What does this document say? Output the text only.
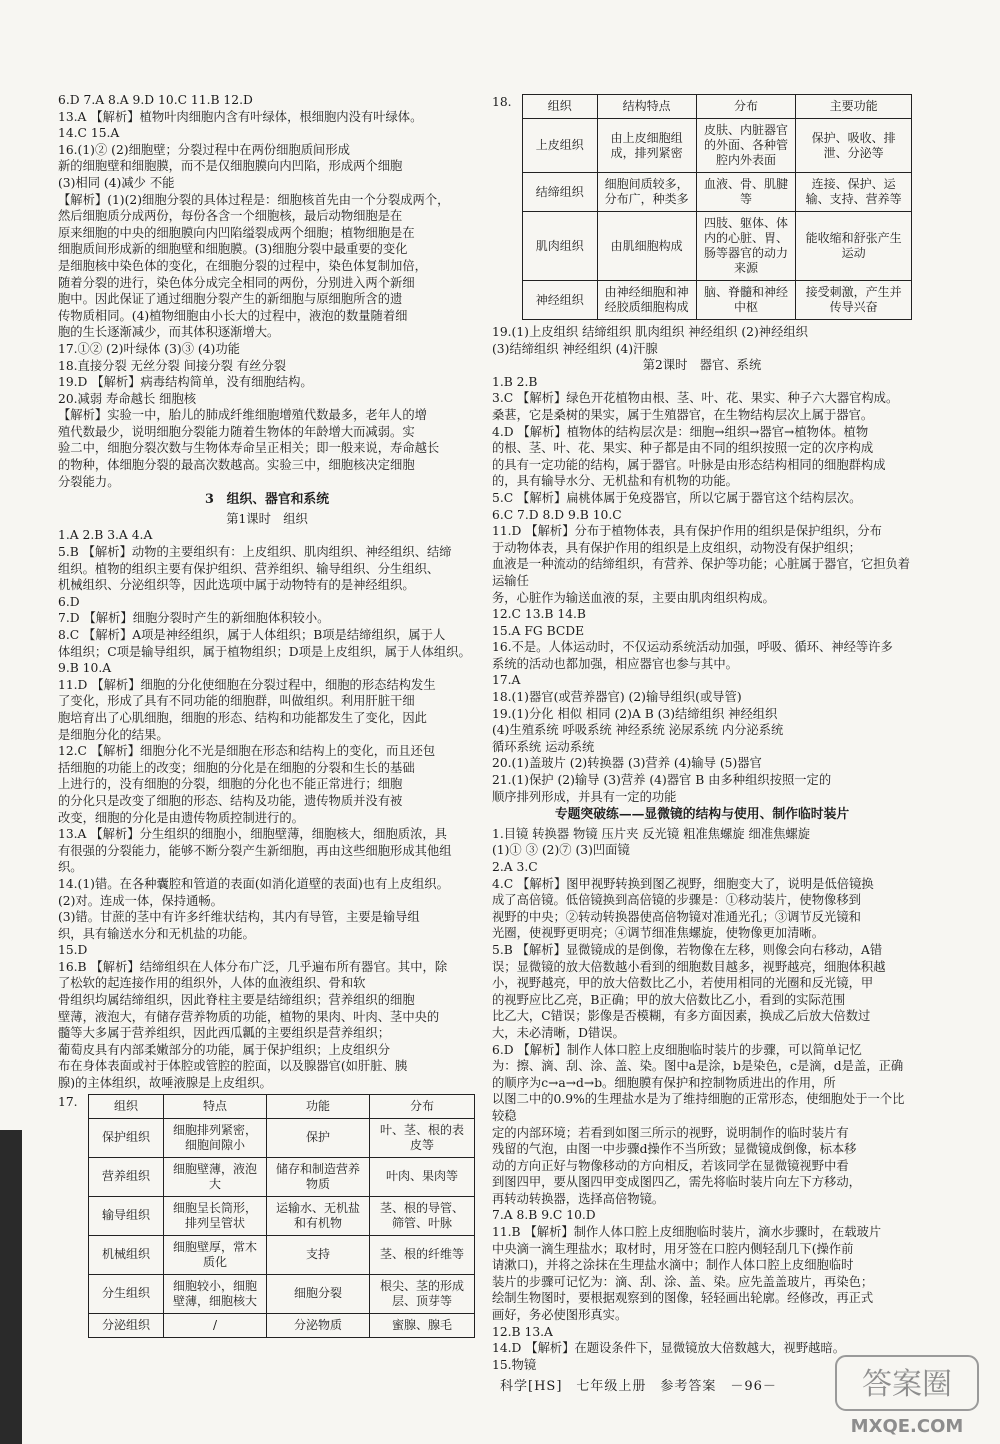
6.D 7.A 8.A 9.D 10.C 11.B 12.D
13.A 【解析】植物叶肉细胞内含有叶绿体，根细胞内没有叶绿体。
14.C 15.A
16.(1)② (2)细胞壁；分裂过程中在两份细胞质间形成
新的细胞壁和细胞膜，而不是仅细胞膜向内凹陷，形成两个细胞
(3)相同 (4)减少 不能
【解析】(1)(2)细胞分裂的具体过程是：细胞核首先由一个分裂成两个，
然后细胞质分成两份，每份各含一个细胞核，最后动物细胞是在
原来细胞的中央的细胞膜向内凹陷缢裂成两个细胞；植物细胞是在
细胞质间形成新的细胞壁和细胞膜。(3)细胞分裂中最重要的变化
是细胞核中染色体的变化，在细胞分裂的过程中，染色体复制加倍，
随着分裂的进行，染色体分成完全相同的两份，分别进入两个新细
胞中。因此保证了通过细胞分裂产生的新细胞与原细胞所含的遗
传物质相同。(4)植物细胞由小长大的过程中，液泡的数量随着细
胞的生长逐渐减少，而其体积逐渐增大。
17.①② (2)叶绿体 (3)③ (4)功能
18.直接分裂 无丝分裂 间接分裂 有丝分裂
19.D 【解析】病毒结构简单，没有细胞结构。
20.减弱 寿命越长 细胞核
【解析】实验一中，胎儿的肺成纤维细胞增殖代数最多，老年人的增
殖代数最少，说明细胞分裂能力随着生物体的年龄增大而减弱。实
验二中，细胞分裂次数与生物体寿命呈正相关；即一般来说，寿命越长
的物种，体细胞分裂的最高次数越高。实验三中，细胞核决定细胞
分裂能力。
3　组织、器官和系统
第1课时　组织
1.A 2.B 3.A 4.A
5.B 【解析】动物的主要组织有：上皮组织、肌肉组织、神经组织、结缔
组织。植物的组织主要有保护组织、营养组织、输导组织、分生组织、
机械组织、分泌组织等，因此选项中属于动物特有的是神经组织。
6.D
7.D 【解析】细胞分裂时产生的新细胞体积较小。
8.C 【解析】A项是神经组织，属于人体组织；B项是结缔组织，属于人
体组织；C项是输导组织，属于植物组织；D项是上皮组织，属于人体组织。
9.B 10.A
11.D 【解析】细胞的分化使细胞在分裂过程中，细胞的形态结构发生
了变化，形成了具有不同功能的细胞群，叫做组织。利用肝脏干细
胞培育出了心肌细胞，细胞的形态、结构和功能都发生了变化，因此
是细胞分化的结果。
12.C 【解析】细胞分化不光是细胞在形态和结构上的变化，而且还包
括细胞的功能上的改变；细胞的分化是在细胞的分裂和生长的基础
上进行的，没有细胞的分裂，细胞的分化也不能正常进行；细胞
的分化只是改变了细胞的形态、结构及功能，遗传物质并没有被
改变，细胞的分化是由遗传物质控制进行的。
13.A 【解析】分生组织的细胞小，细胞壁薄，细胞核大，细胞质浓，具
有很强的分裂能力，能够不断分裂产生新细胞，再由这些细胞形成其他组织。
14.(1)错。在各种囊腔和管道的表面(如消化道壁的表面)也有上皮组织。
(2)对。连成一体，保持通畅。
(3)错。甘蔗的茎中有许多纤维状结构，其内有导管，主要是输导组
织，具有输送水分和无机盐的功能。
15.D
16.B 【解析】结缔组织在人体分布广泛，几乎遍布所有器官。其中，除
了松软的起连接作用的组织外，人体的血液组织、骨和软
骨组织均属结缔组织，因此脊柱主要是结缔组织；营养组织的细胞
壁薄，液泡大，有储存营养物质的功能，植物的果肉、叶肉、茎中央的
髓等大多属于营养组织，因此西瓜瓤的主要组织是营养组织；
葡萄皮具有内部柔嫩部分的功能，属于保护组织；上皮组织分
布在身体表面或衬于体腔或管腔的腔面，以及腺器官(如肝脏、胰
腺)的主体组织，故唾液腺是上皮组织。
17.	组织	特点	功能	分布
保护组织	细胞排列紧密，细胞间隙小	保护	叶、茎、根的表皮等
营养组织	细胞壁薄，液泡大	储存和制造营养物质	叶肉、果肉等
输导组织	细胞呈长筒形，排列呈管状	运输水、无机盐和有机物	茎、根的导管、筛管、叶脉
机械组织	细胞壁厚，常木质化	支持	茎、根的纤维等
分生组织	细胞较小，细胞壁薄，细胞核大	细胞分裂	根尖、茎的形成层、顶芽等
分泌组织	/	分泌物质	蜜腺、腺毛
18.	组织	结构特点	分布	主要功能
上皮组织	由上皮细胞组成，排列紧密	皮肤、内脏器官的外面、各种管腔内外表面	保护、吸收、排泄、分泌等
结缔组织	细胞间质较多，分布广，种类多	血液、骨、肌腱等	连接、保护、运输、支持、营养等
肌肉组织	由肌细胞构成	四肢、躯体、体内的心脏、胃、肠等器官的动力来源	能收缩和舒张产生运动
神经组织	由神经细胞和神经胶质细胞构成	脑、脊髓和神经中枢	接受刺激，产生并传导兴奋
19.(1)上皮组织 结缔组织 肌肉组织 神经组织 (2)神经组织
(3)结缔组织 神经组织 (4)汗腺
第2课时　器官、系统
1.B 2.B
3.C 【解析】绿色开花植物由根、茎、叶、花、果实、种子六大器官构成。
桑葚，它是桑树的果实，属于生殖器官，在生物结构层次上属于器官。
4.D 【解析】植物体的结构层次是：细胞→组织→器官→植物体。植物
的根、茎、叶、花、果实、种子都是由不同的组织按照一定的次序构成
的具有一定功能的结构，属于器官。叶脉是由形态结构相同的细胞群构成
的，具有输导水分、无机盐和有机物的功能。
5.C 【解析】扁桃体属于免疫器官，所以它属于器官这个结构层次。
6.C 7.D 8.D 9.B 10.C
11.D 【解析】分布于植物体表，具有保护作用的组织是保护组织，分布
于动物体表，具有保护作用的组织是上皮组织，动物没有保护组织；
血液是一种流动的结缔组织，有营养、保护等功能；心脏属于器官，它担负着运输任
务，心脏作为输送血液的泵，主要由肌肉组织构成。
12.C 13.B 14.B
15.A FG BCDE
16.不是。人体运动时，不仅运动系统活动加强，呼吸、循环、神经等许多
系统的活动也都加强，相应器官也参与其中。
17.A
18.(1)器官(或营养器官) (2)输导组织(或导管)
19.(1)分化 相似 相同 (2)A B (3)结缔组织 神经组织
(4)生殖系统 呼吸系统 神经系统 泌尿系统 内分泌系统
循环系统 运动系统
20.(1)盖玻片 (2)转换器 (3)营养 (4)输导 (5)器官
21.(1)保护 (2)输导 (3)营养 (4)器官 B 由多种组织按照一定的
顺序排列形成，并具有一定的功能
专题突破练——显微镜的结构与使用、制作临时装片
1.目镜 转换器 物镜 压片夹 反光镜 粗准焦螺旋 细准焦螺旋
(1)① ③ (2)⑦ (3)凹面镜
2.A 3.C
4.C 【解析】图甲视野转换到图乙视野，细胞变大了，说明是低倍镜换
成了高倍镜。低倍镜换到高倍镜的步骤是：①移动装片，使物像移到
视野的中央；②转动转换器使高倍物镜对准通光孔；③调节反光镜和
光圈，使视野更明亮；④调节细准焦螺旋，使物像更加清晰。
5.B 【解析】显微镜成的是倒像，若物像在左移，则像会向右移动，A错
误；显微镜的放大倍数越小看到的细胞数目越多，视野越亮，细胞体积越
小，视野越亮，甲的放大倍数比乙小，若使用相同的光圈和反光镜，甲
的视野应比乙亮，B正确；甲的放大倍数比乙小，看到的实际范围
比乙大，C错误；影像是否模糊，有多方面因素，换成乙后放大倍数过
大，未必清晰，D错误。
6.D 【解析】制作人体口腔上皮细胞临时装片的步骤，可以简单记忆
为：擦、滴、刮、涂、盖、染。图中a是涂，b是染色，c是滴，d是盖，正确
的顺序为c→a→d→b。细胞膜有保护和控制物质进出的作用，所
以图二中的0.9%的生理盐水是为了维持细胞的正常形态，使细胞处于一个比较稳
定的内部环境；若看到如图三所示的视野，说明制作的临时装片有
残留的气泡，由图一中步骤d操作不当所致；显微镜成倒像，标本移
动的方向正好与物像移动的方向相反，若该同学在显微镜视野中看
到图四甲，要从图四甲变成图四乙，需先将临时装片向左下方移动，
再转动转换器，选择高倍物镜。
7.A 8.B 9.C 10.D
11.B 【解析】制作人体口腔上皮细胞临时装片，滴水步骤时，在载玻片
中央滴一滴生理盐水；取材时，用牙签在口腔内侧轻刮几下(操作前
请漱口)，并将之涂抹在生理盐水滴中；制作人体口腔上皮细胞临时
装片的步骤可记忆为：滴、刮、涂、盖、染。应先盖盖玻片，再染色；
绘制生物图时，要根据观察到的图像，轻轻画出轮廓。经修改，再正式
画好，务必使图形真实。
12.B 13.A
14.D 【解析】在题设条件下，显微镜放大倍数越大，视野越暗。
15.物镜
科学[HS]　七年级上册　参考答案　－96－	答案圈
MXQE.COM
